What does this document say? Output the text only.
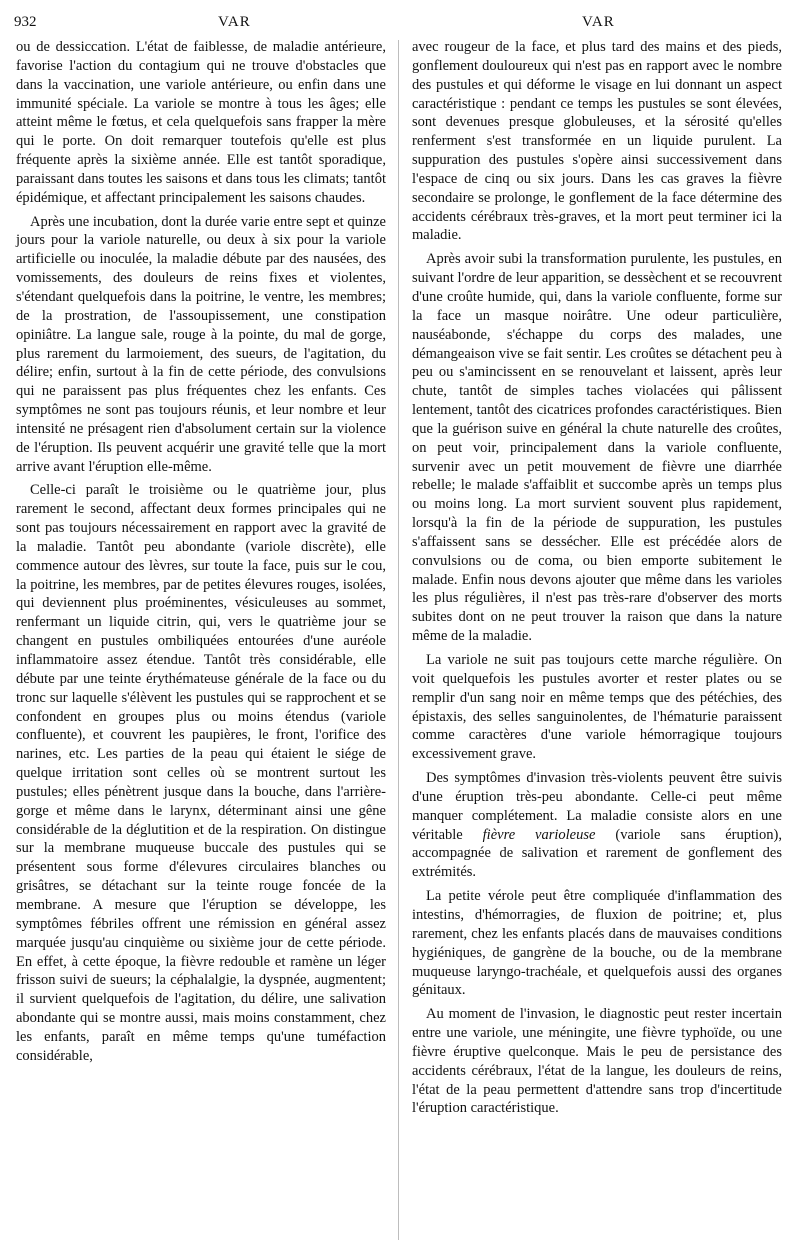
932	VAR	VAR

ou de dessiccation. L'état de faiblesse, de maladie antérieure, favorise l'action du contagium qui ne trouve d'obstacles que dans la vaccination, une variole antérieure, ou enfin dans une immunité spéciale. La variole se montre à tous les âges; elle atteint même le fœtus, et cela quelquefois sans frapper la mère qui le porte. On doit remarquer toutefois qu'elle est plus fréquente après la sixième année. Elle est tantôt sporadique, paraissant dans toutes les saisons et dans tous les climats; tantôt épidémique, et affectant principalement les saisons chaudes.

Après une incubation, dont la durée varie entre sept et quinze jours pour la variole naturelle, ou deux à six pour la variole artificielle ou inoculée, la maladie débute par des nausées, des vomissements, des douleurs de reins fixes et violentes, s'étendant quelquefois dans la poitrine, le ventre, les membres; de la prostration, de l'assoupissement, une constipation opiniâtre. La langue sale, rouge à la pointe, du mal de gorge, plus rarement du larmoiement, des sueurs, de l'agitation, du délire; enfin, surtout à la fin de cette période, des convulsions qui ne paraissent pas plus fréquentes chez les enfants. Ces symptômes ne sont pas toujours réunis, et leur nombre et leur intensité ne présagent rien d'absolument certain sur la violence de l'éruption. Ils peuvent acquérir une gravité telle que la mort arrive avant l'éruption elle-même.

Celle-ci paraît le troisième ou le quatrième jour, plus rarement le second, affectant deux formes principales qui ne sont pas toujours nécessairement en rapport avec la gravité de la maladie. Tantôt peu abondante (variole discrète), elle commence autour des lèvres, sur toute la face, puis sur le cou, la poitrine, les membres, par de petites élevures rouges, isolées, qui deviennent plus proéminentes, vésiculeuses au sommet, renfermant un liquide citrin, qui, vers le quatrième jour se changent en pustules ombiliquées entourées d'une auréole inflammatoire assez étendue. Tantôt très considérable, elle débute par une teinte érythémateuse générale de la face ou du tronc sur laquelle s'élèvent les pustules qui se rapprochent et se confondent en groupes plus ou moins étendus (variole confluente), et couvrent les paupières, le front, l'orifice des narines, etc. Les parties de la peau qui étaient le siége de quelque irritation sont celles où se montrent surtout les pustules; elles pénètrent jusque dans la bouche, dans l'arrière-gorge et même dans le larynx, déterminant ainsi une gêne considérable de la déglutition et de la respiration. On distingue sur la membrane muqueuse buccale des pustules qui se présentent sous forme d'élevures circulaires blanches ou grisâtres, se détachant sur la teinte rouge foncée de la membrane. A mesure que l'éruption se développe, les symptômes fébriles offrent une rémission en général assez marquée jusqu'au cinquième ou sixième jour de cette période. En effet, à cette époque, la fièvre redouble et ramène un léger frisson suivi de sueurs; la céphalalgie, la dyspnée, augmentent; il survient quelquefois de l'agitation, du délire, une salivation abondante qui se montre aussi, mais moins constamment, chez les enfants, paraît en même temps qu'une tuméfaction considérable,

avec rougeur de la face, et plus tard des mains et des pieds, gonflement douloureux qui n'est pas en rapport avec le nombre des pustules et qui déforme le visage en lui donnant un aspect caractéristique : pendant ce temps les pustules se sont élevées, sont devenues presque globuleuses, et la sérosité qu'elles renferment s'est transformée en un liquide purulent. La suppuration des pustules s'opère ainsi successivement dans l'espace de cinq ou six jours. Dans les cas graves la fièvre secondaire se prolonge, le gonflement de la face détermine des accidents cérébraux très-graves, et la mort peut terminer ici la maladie.

Après avoir subi la transformation purulente, les pustules, en suivant l'ordre de leur apparition, se dessèchent et se recouvrent d'une croûte humide, qui, dans la variole confluente, forme sur la face un masque noirâtre. Une odeur particulière, nauséabonde, s'échappe du corps des malades, une démangeaison vive se fait sentir. Les croûtes se détachent peu à peu ou s'amincissent en se renouvelant et laissent, après leur chute, tantôt de simples taches violacées qui pâlissent lentement, tantôt des cicatrices profondes caractéristiques. Bien que la guérison suive en général la chute naturelle des croûtes, on peut voir, principalement dans la variole confluente, survenir avec un petit mouvement de fièvre une diarrhée rebelle; le malade s'affaiblit et succombe après un temps plus ou moins long. La mort survient souvent plus rapidement, lorsqu'à la fin de la période de suppuration, les pustules s'affaissent sans se dessécher. Elle est précédée alors de convulsions ou de coma, ou bien emporte subitement le malade. Enfin nous devons ajouter que même dans les varioles les plus régulières, il n'est pas très-rare d'observer des morts subites dont on ne peut trouver la raison que dans la nature même de la maladie.

La variole ne suit pas toujours cette marche régulière. On voit quelquefois les pustules avorter et rester plates ou se remplir d'un sang noir en même temps que des pétéchies, des épistaxis, des selles sanguinolentes, de l'hématurie paraissent comme caractères d'une variole hémorragique toujours excessivement grave.

Des symptômes d'invasion très-violents peuvent être suivis d'une éruption très-peu abondante. Celle-ci peut même manquer complétement. La maladie consiste alors en une véritable fièvre varioleuse (variole sans éruption), accompagnée de salivation et rarement de gonflement des extrémités.

La petite vérole peut être compliquée d'inflammation des intestins, d'hémorragies, de fluxion de poitrine; et, plus rarement, chez les enfants placés dans de mauvaises conditions hygiéniques, de gangrène de la bouche, ou de la membrane muqueuse laryngo-trachéale, et quelquefois aussi des organes génitaux.

Au moment de l'invasion, le diagnostic peut rester incertain entre une variole, une méningite, une fièvre typhoïde, ou une fièvre éruptive quelconque. Mais le peu de persistance des accidents cérébraux, l'état de la langue, les douleurs de reins, l'état de la peau permettent d'attendre sans trop d'incertitude l'éruption caractéristique.
